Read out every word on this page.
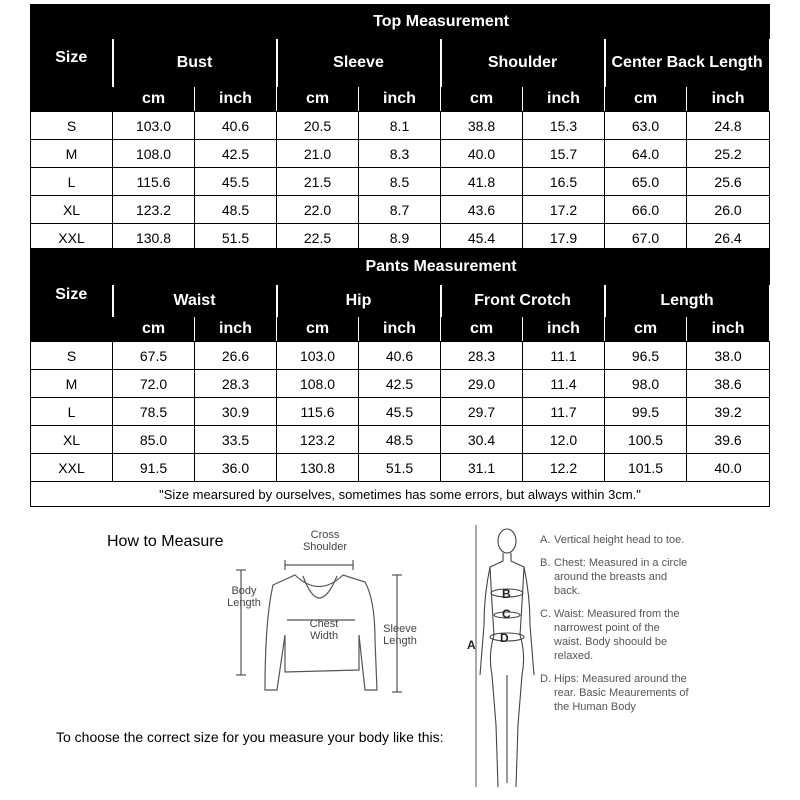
Size	Top Measurement							
	Bust		Sleeve		Shoulder		Center Back Length	
	cm	inch	cm	inch	cm	inch	cm	inch
S	103.0	40.6	20.5	8.1	38.8	15.3	63.0	24.8
M	108.0	42.5	21.0	8.3	40.0	15.7	64.0	25.2
L	115.6	45.5	21.5	8.5	41.8	16.5	65.0	25.6
XL	123.2	48.5	22.0	8.7	43.6	17.2	66.0	26.0
XXL	130.8	51.5	22.5	8.9	45.4	17.9	67.0	26.4
Size	Pants Measurement							
	Waist		Hip		Front Crotch		Length	
	cm	inch	cm	inch	cm	inch	cm	inch
S	67.5	26.6	103.0	40.6	28.3	11.1	96.5	38.0
M	72.0	28.3	108.0	42.5	29.0	11.4	98.0	38.6
L	78.5	30.9	115.6	45.5	29.7	11.7	99.5	39.2
XL	85.0	33.5	123.2	48.5	30.4	12.0	100.5	39.6
XXL	91.5	36.0	130.8	51.5	31.1	12.2	101.5	40.0
"Size mearsured by ourselves, sometimes has some errors, but always within 3cm."								
How to Measure	Cross Shoulder
Body Length
Chest Width
Sleeve Length
To choose the correct size for you measure your body like this:
A
B
C
D
A. Vertical height head to toe.
B. Chest: Measured in a circle around the breasts and back.
C. Waist: Measured from the narrowest point of the waist. Body shoould be relaxed.
D. Hips: Measured around the rear. Basic Meaurements of the Human Body
